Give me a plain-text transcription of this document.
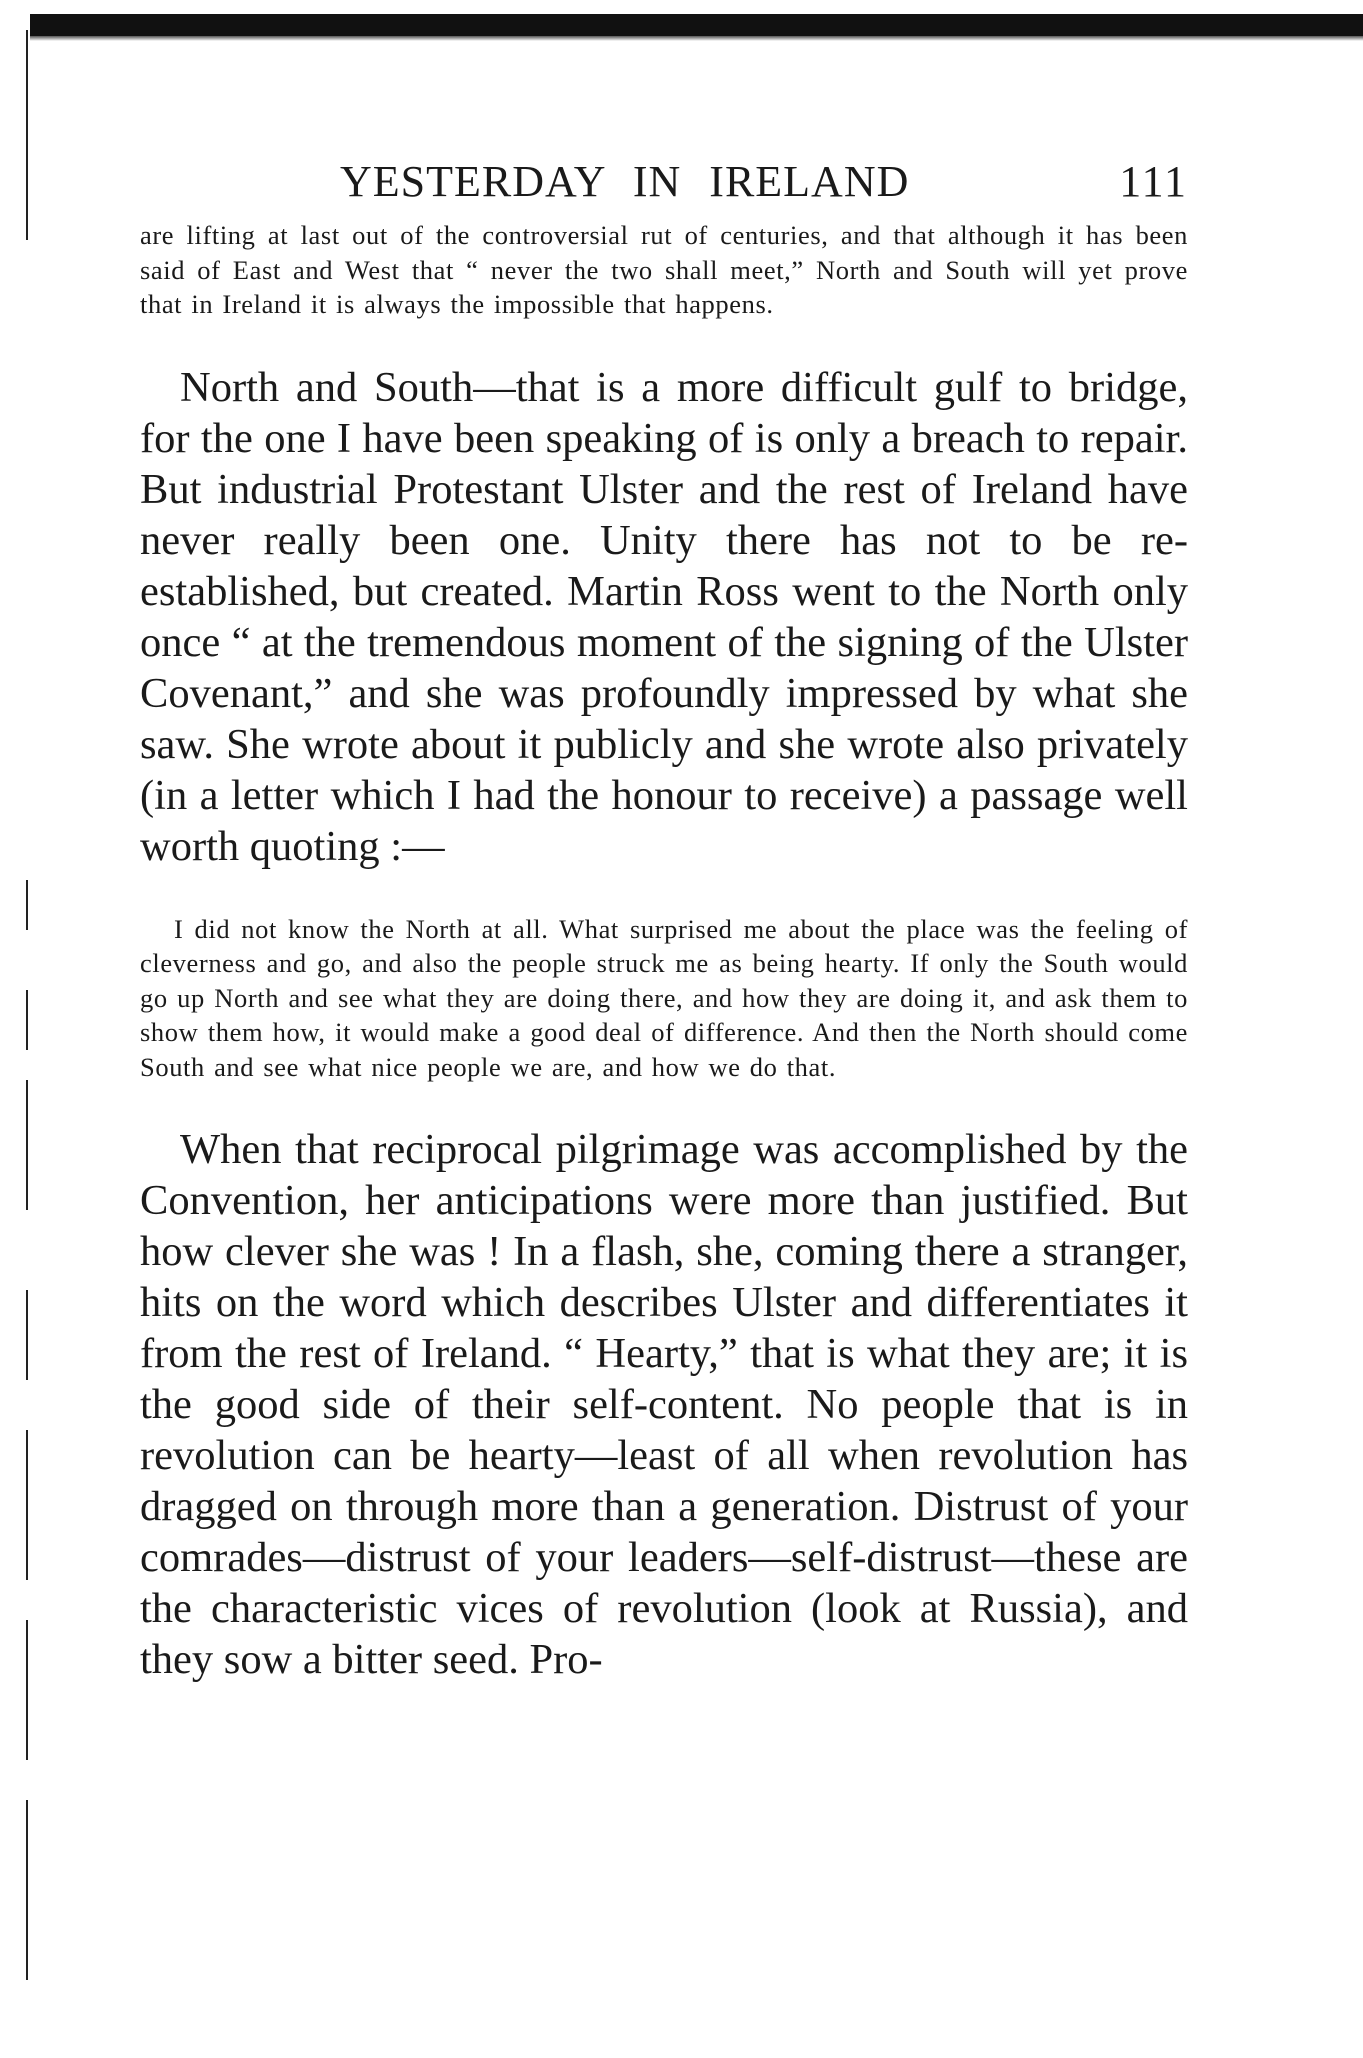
YESTERDAY IN IRELAND	111

are lifting at last out of the controversial rut of centuries, and that although it has been said of East and West that “ never the two shall meet,” North and South will yet prove that in Ireland it is always the impossible that happens.

North and South—that is a more difficult gulf to bridge, for the one I have been speaking of is only a breach to repair. But industrial Protestant Ulster and the rest of Ireland have never really been one. Unity there has not to be re-established, but created. Martin Ross went to the North only once “ at the tremendous moment of the signing of the Ulster Covenant,” and she was profoundly impressed by what she saw. She wrote about it publicly and she wrote also privately (in a letter which I had the honour to receive) a passage well worth quoting :—

I did not know the North at all. What surprised me about the place was the feeling of cleverness and go, and also the people struck me as being hearty. If only the South would go up North and see what they are doing there, and how they are doing it, and ask them to show them how, it would make a good deal of difference. And then the North should come South and see what nice people we are, and how we do that.

When that reciprocal pilgrimage was accomplished by the Convention, her anticipations were more than justified. But how clever she was ! In a flash, she, coming there a stranger, hits on the word which describes Ulster and differentiates it from the rest of Ireland. “ Hearty,” that is what they are; it is the good side of their self-content. No people that is in revolution can be hearty—least of all when revolution has dragged on through more than a generation. Distrust of your comrades—distrust of your leaders—self-distrust—these are the characteristic vices of revolution (look at Russia), and they sow a bitter seed. Pro-
